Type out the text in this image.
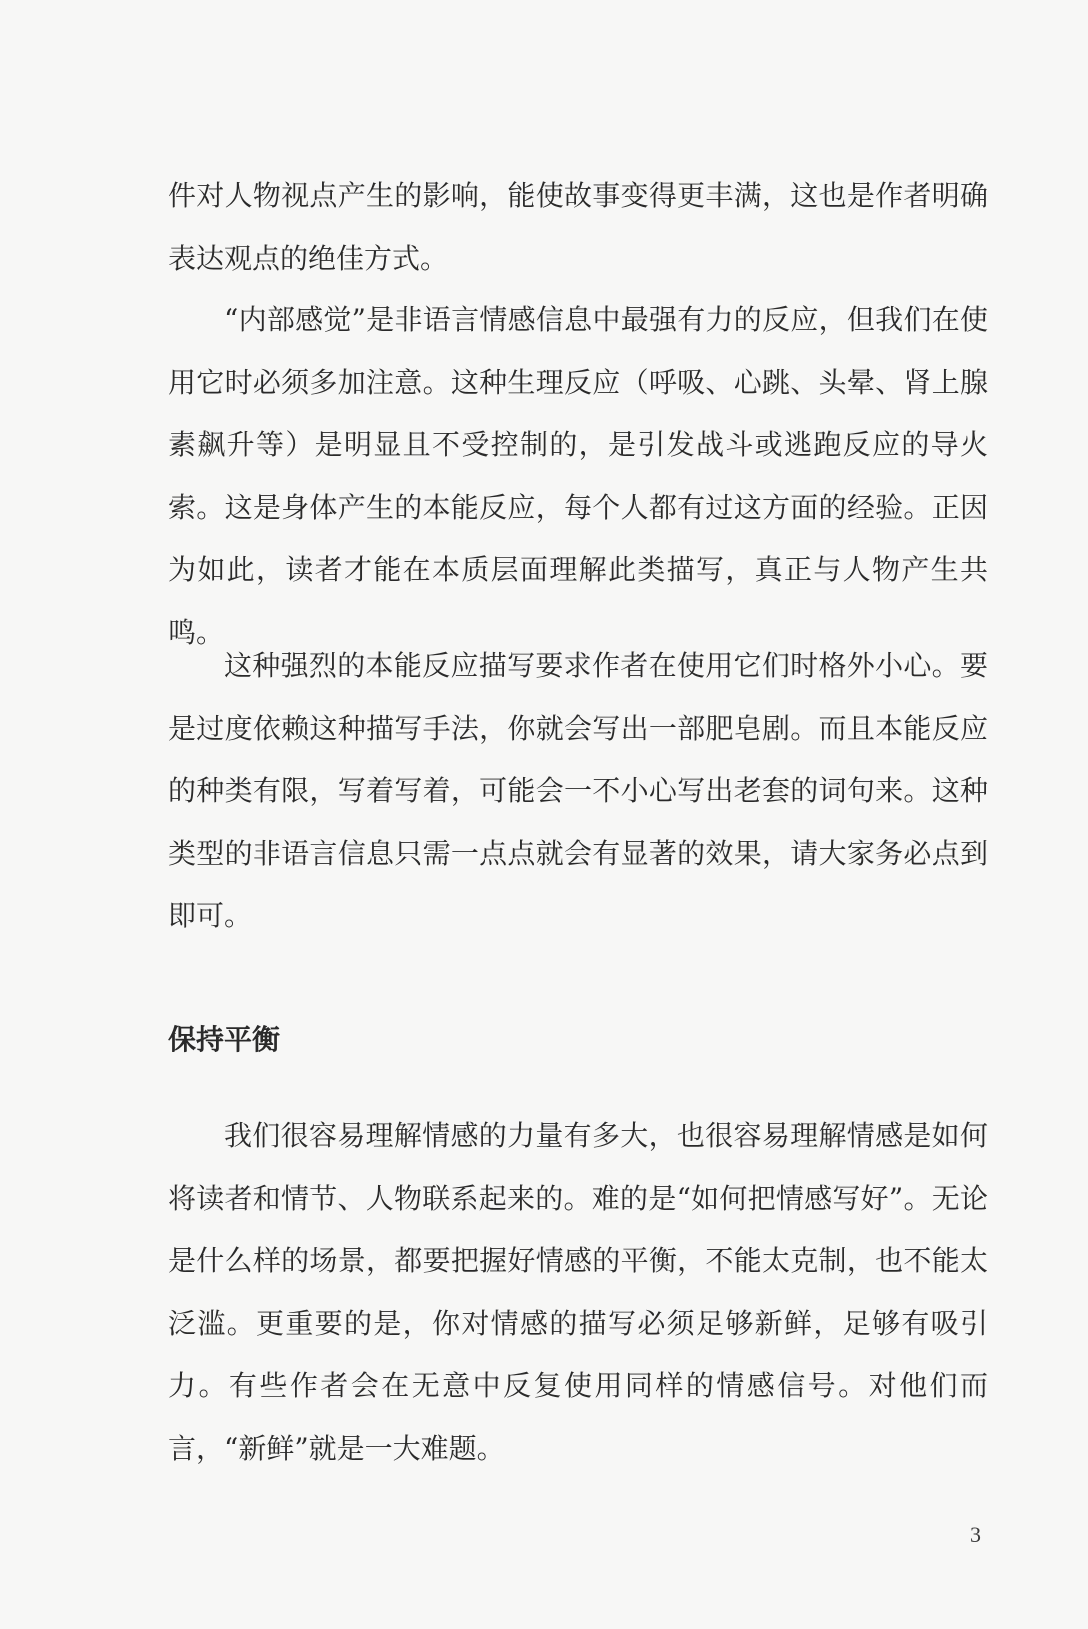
件对人物视点产生的影响，能使故事变得更丰满，这也是作者明确表达观点的绝佳方式。

“内部感觉”是非语言情感信息中最强有力的反应，但我们在使用它时必须多加注意。这种生理反应（呼吸、心跳、头晕、肾上腺素飙升等）是明显且不受控制的，是引发战斗或逃跑反应的导火索。这是身体产生的本能反应，每个人都有过这方面的经验。正因为如此，读者才能在本质层面理解此类描写，真正与人物产生共鸣。

这种强烈的本能反应描写要求作者在使用它们时格外小心。要是过度依赖这种描写手法，你就会写出一部肥皂剧。而且本能反应的种类有限，写着写着，可能会一不小心写出老套的词句来。这种类型的非语言信息只需一点点就会有显著的效果，请大家务必点到即可。

保持平衡

我们很容易理解情感的力量有多大，也很容易理解情感是如何将读者和情节、人物联系起来的。难的是“如何把情感写好”。无论是什么样的场景，都要把握好情感的平衡，不能太克制，也不能太泛滥。更重要的是，你对情感的描写必须足够新鲜，足够有吸引力。有些作者会在无意中反复使用同样的情感信号。对他们而言，“新鲜”就是一大难题。

3
